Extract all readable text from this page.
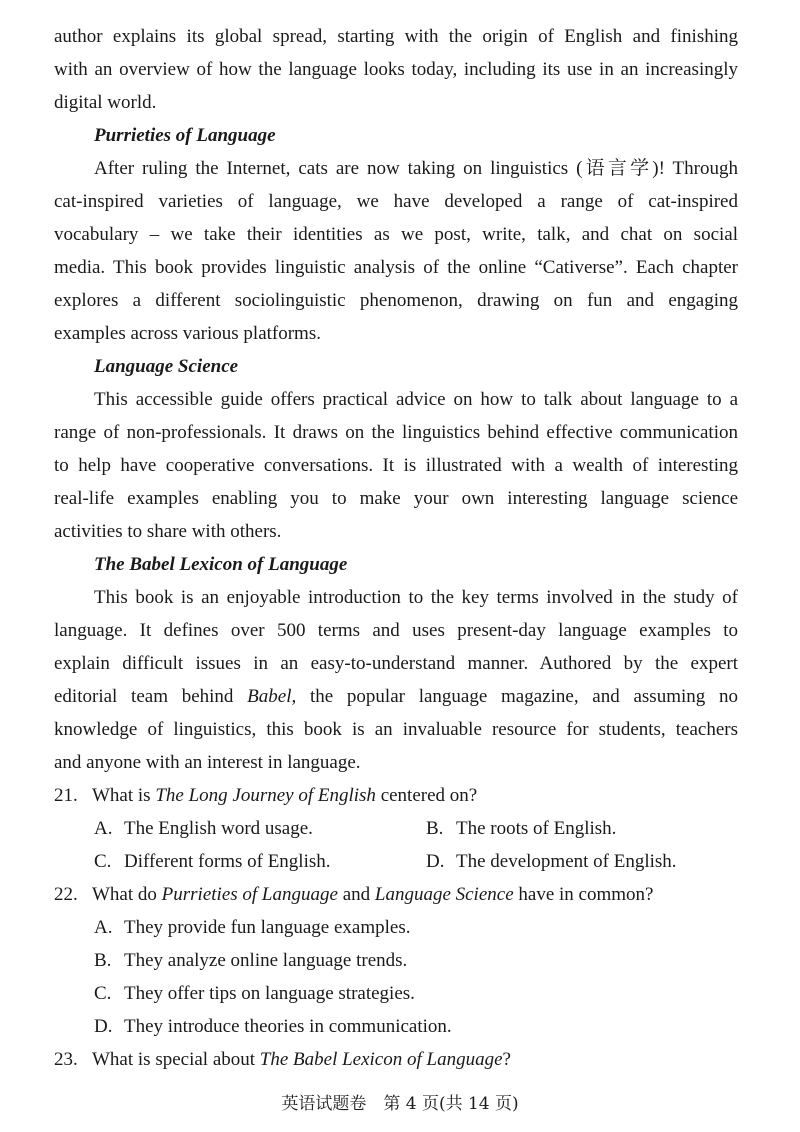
author explains its global spread, starting with the origin of English and finishing
with an overview of how the language looks today, including its use in an increasingly
digital world.
Purrieties of Language
After ruling the Internet, cats are now taking on linguistics (语言学)! Through
cat-inspired varieties of language, we have developed a range of cat-inspired
vocabulary – we take their identities as we post, write, talk, and chat on social
media. This book provides linguistic analysis of the online “Cativerse”. Each chapter
explores a different sociolinguistic phenomenon, drawing on fun and engaging
examples across various platforms.
Language Science
This accessible guide offers practical advice on how to talk about language to a
range of non-professionals. It draws on the linguistics behind effective communication
to help have cooperative conversations. It is illustrated with a wealth of interesting
real-life examples enabling you to make your own interesting language science
activities to share with others.
The Babel Lexicon of Language
This book is an enjoyable introduction to the key terms involved in the study of
language. It defines over 500 terms and uses present-day language examples to
explain difficult issues in an easy-to-understand manner. Authored by the expert
editorial team behind Babel, the popular language magazine, and assuming no
knowledge of linguistics, this book is an invaluable resource for students, teachers
and anyone with an interest in language.
21. What is The Long Journey of English centered on?
A. The English word usage.	B. The roots of English.
C. Different forms of English.	D. The development of English.
22. What do Purrieties of Language and Language Science have in common?
A. They provide fun language examples.
B. They analyze online language trends.
C. They offer tips on language strategies.
D. They introduce theories in communication.
23. What is special about The Babel Lexicon of Language?
英语试题卷　第 4 页(共 14 页)
